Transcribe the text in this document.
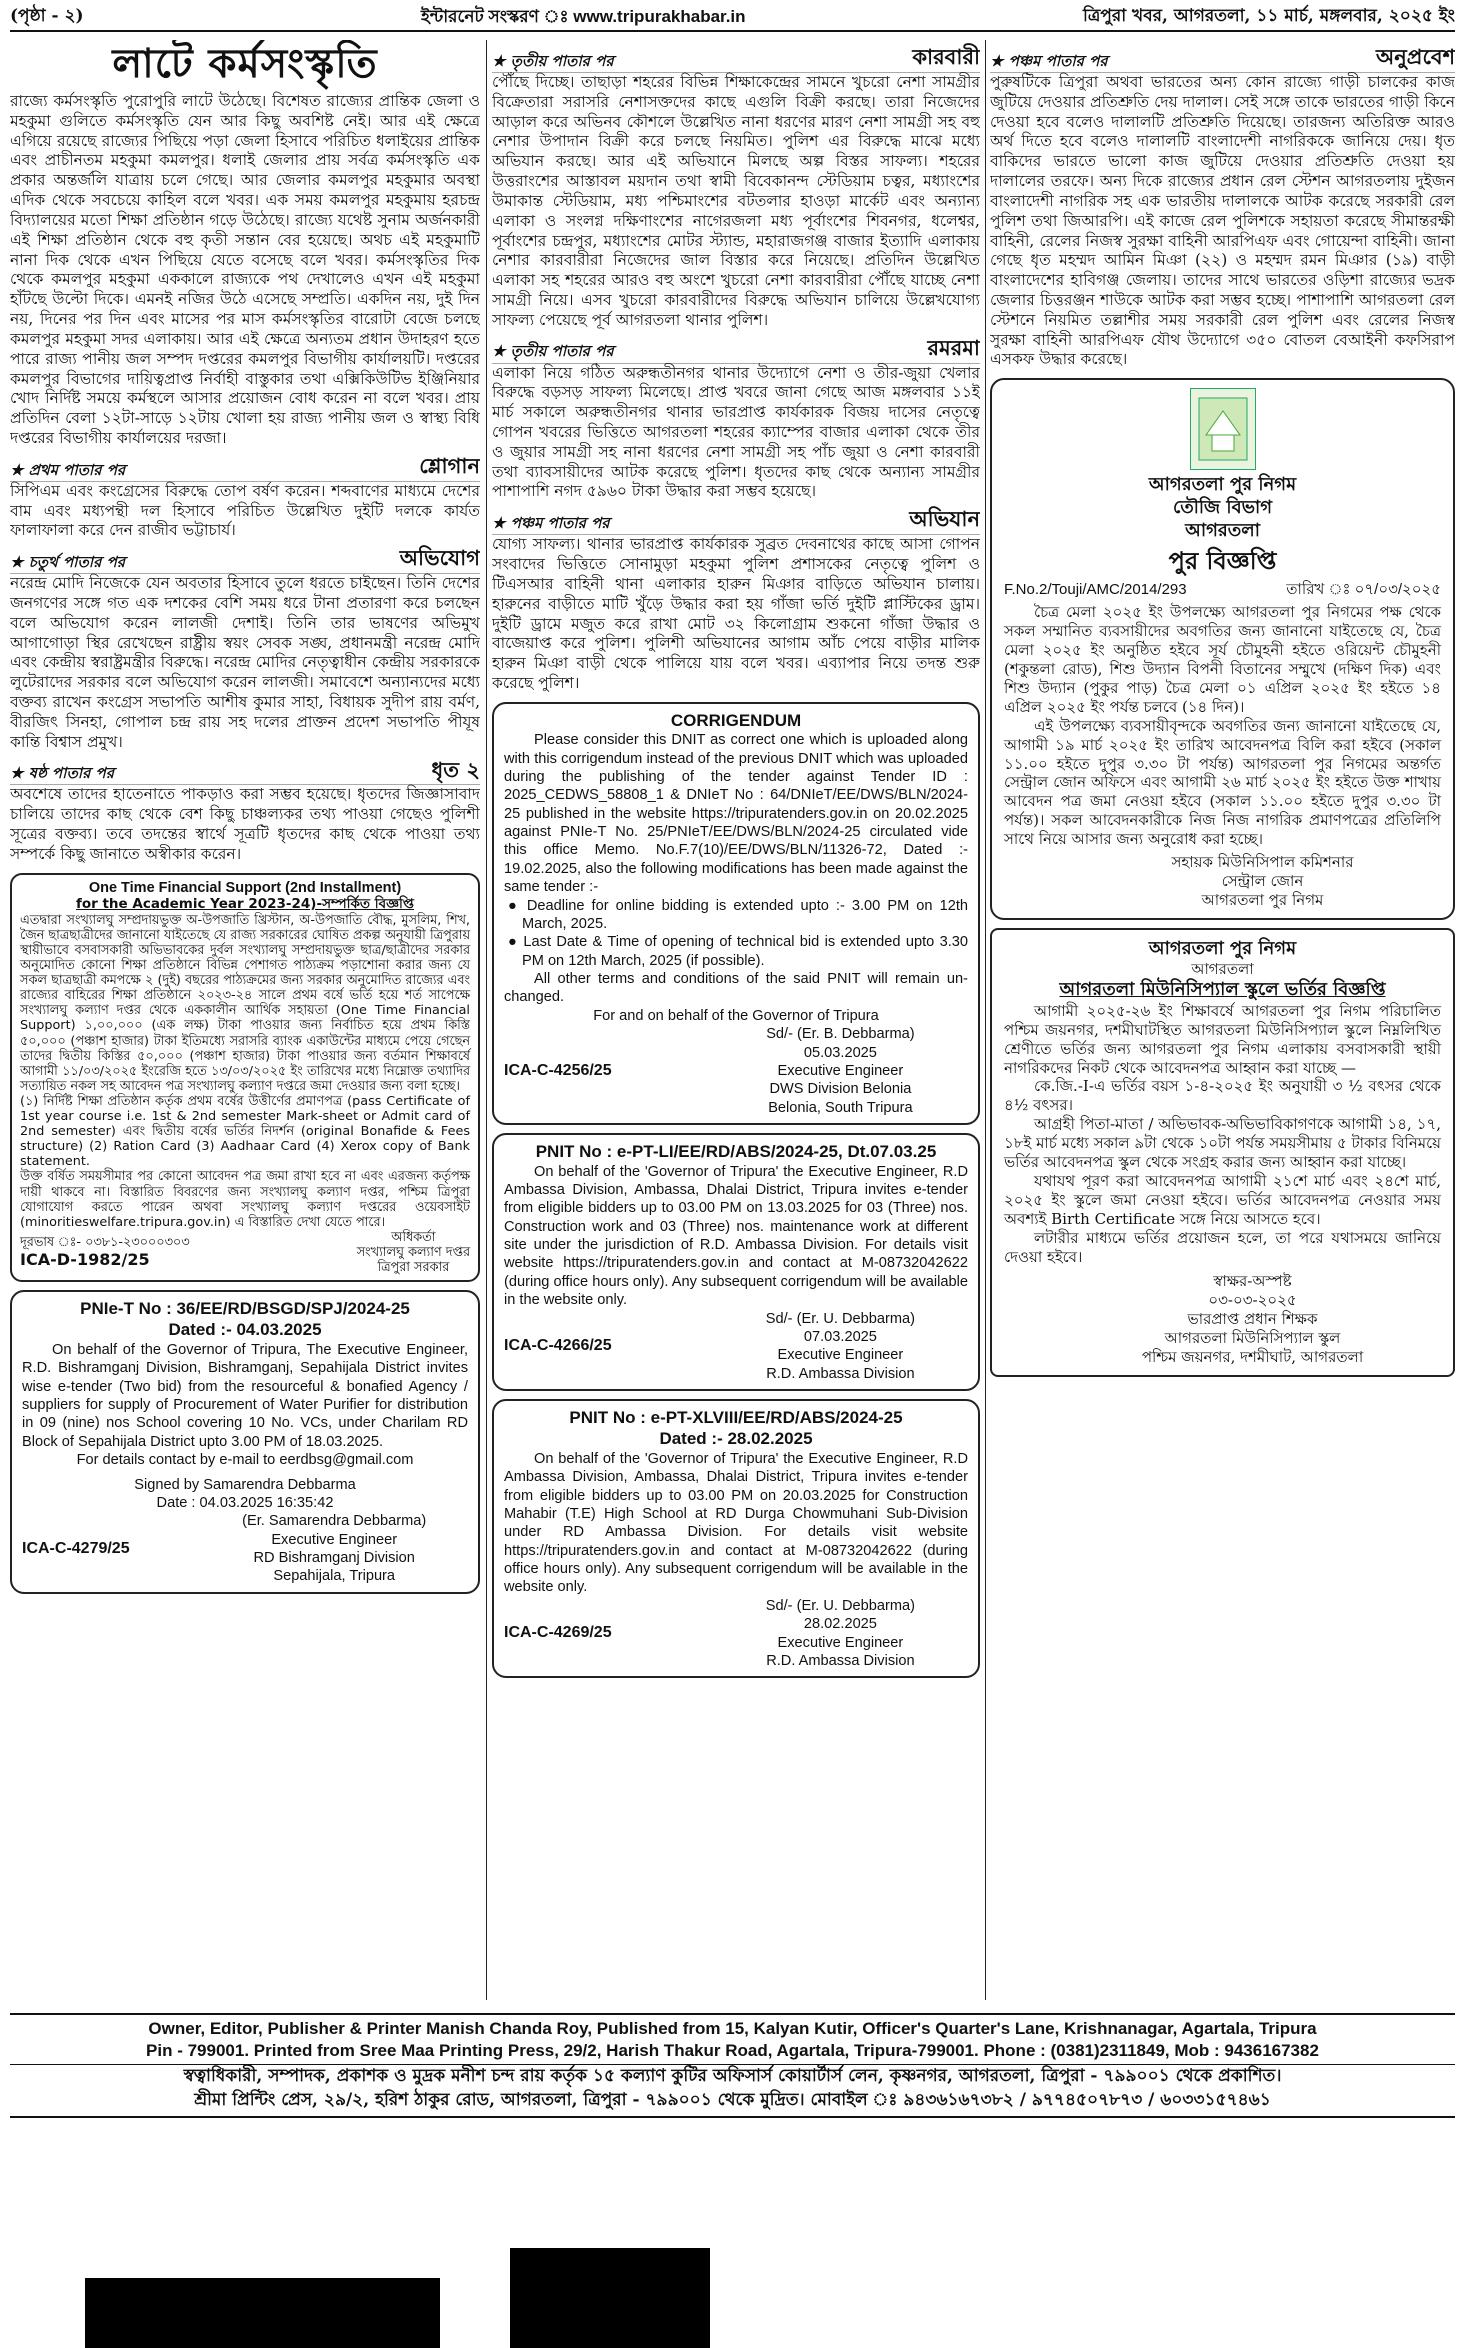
(পৃষ্ঠা - ২)	ইন্টারনেট সংস্করণ ঃ www.tripurakhabar.in	ত্রিপুরা খবর, আগরতলা, ১১ মার্চ, মঙ্গলবার, ২০২৫ ইং
লাটে কর্মসংস্কৃতি

রাজ্যে কর্মসংস্কৃতি পুরোপুরি লাটে উঠেছে। বিশেষত রাজ্যের প্রান্তিক জেলা ও মহকুমা গুলিতে কর্মসংস্কৃতি যেন আর কিছু অবশিষ্ট নেই। আর এই ক্ষেত্রে এগিয়ে রয়েছে রাজ্যের পিছিয়ে পড়া জেলা হিসাবে পরিচিত ধলাইয়ের প্রান্তিক এবং প্রাচীনতম মহকুমা কমলপুর। ধলাই জেলার প্রায় সর্বত্র কর্মসংস্কৃতি এক প্রকার অন্তর্জলি যাত্রায় চলে গেছে। আর জেলার কমলপুর মহকুমার অবস্থা এদিক থেকে সবচেয়ে কাহিল বলে খবর। এক সময় কমলপুর মহকুমায় হরচন্দ্র বিদ্যালয়ের মতো শিক্ষা প্রতিষ্ঠান গড়ে উঠেছে। রাজ্যে যথেষ্ট সুনাম অর্জনকারী এই শিক্ষা প্রতিষ্ঠান থেকে বহু কৃতী সন্তান বের হয়েছে। অথচ এই মহকুমাটি নানা দিক থেকে এখন পিছিয়ে যেতে বসেছে বলে খবর। কর্মসংস্কৃতির দিক থেকে কমলপুর মহকুমা এককালে রাজ্যকে পথ দেখালেও এখন এই মহকুমা হাঁটছে উল্টো দিকে। এমনই নজির উঠে এসেছে সম্প্রতি। একদিন নয়, দুই দিন নয়, দিনের পর দিন এবং মাসের পর মাস কর্মসংস্কৃতির বারোটা বেজে চলছে কমলপুর মহকুমা সদর এলাকায়। আর এই ক্ষেত্রে অন্যতম প্রধান উদাহরণ হতে পারে রাজ্য পানীয় জল সম্পদ দপ্তরের কমলপুর বিভাগীয় কার্যালয়টি। দপ্তরের কমলপুর বিভাগের দায়িত্বপ্রাপ্ত নির্বাহী বাস্তুকার তথা এক্সিকিউটিভ ইঞ্জিনিয়ার খোদ নির্দিষ্ট সময়ে কর্মস্থলে আসার প্রয়োজন বোধ করেন না বলে খবর। প্রায় প্রতিদিন বেলা ১২টা-সাড়ে ১২টায় খোলা হয় রাজ্য পানীয় জল ও স্বাস্থ্য বিধি দপ্তরের বিভাগীয় কার্যালয়ের দরজা।

★ প্রথম পাতার পর	শ্লোগান

সিপিএম এবং কংগ্রেসের বিরুদ্ধে তোপ বর্ষণ করেন। শব্দবাণের মাধ্যমে দেশের বাম এবং মধ্যপন্থী দল হিসাবে পরিচিত উল্লেখিত দুইটি দলকে কার্যত ফালাফালা করে দেন রাজীব ভট্টাচার্য।

★ চতুর্থ পাতার পর	অভিযোগ

নরেন্দ্র মোদি নিজেকে যেন অবতার হিসাবে তুলে ধরতে চাইছেন। তিনি দেশের জনগণের সঙ্গে গত এক দশকের বেশি সময় ধরে টানা প্রতারণা করে চলছেন বলে অভিযোগ করেন লালজী দেশাই। তিনি তার ভাষণের অভিমুখ আগাগোড়া স্থির রেখেছেন রাষ্ট্রীয় স্বয়ং সেবক সঙ্ঘ, প্রধানমন্ত্রী নরেন্দ্র মোদি এবং কেন্দ্রীয় স্বরাষ্ট্রমন্ত্রীর বিরুদ্ধে। নরেন্দ্র মোদির নেতৃত্বাধীন কেন্দ্রীয় সরকারকে লুটেরাদের সরকার বলে অভিযোগ করেন লালজী। সমাবেশে অন্যান্যদের মধ্যে বক্তব্য রাখেন কংগ্রেস সভাপতি আশীষ কুমার সাহা, বিধায়ক সুদীপ রায় বর্মণ, বীরজিৎ সিনহা, গোপাল চন্দ্র রায় সহ দলের প্রাক্তন প্রদেশ সভাপতি পীযূষ কান্তি বিশ্বাস প্রমুখ।

★ ষষ্ঠ পাতার পর	ধৃত ২

অবশেষে তাদের হাতেনাতে পাকড়াও করা সম্ভব হয়েছে। ধৃতদের জিজ্ঞাসাবাদ চালিয়ে তাদের কাছ থেকে বেশ কিছু চাঞ্চল্যকর তথ্য পাওয়া গেছেও পুলিশী সূত্রের বক্তব্য। তবে তদন্তের স্বার্থে সূত্রটি ধৃতদের কাছ থেকে পাওয়া তথ্য সম্পর্কে কিছু জানাতে অস্বীকার করেন।

One Time Financial Support (2nd Installment)
for the Academic Year 2023-24)-সম্পর্কিত বিজ্ঞপ্তি

এতদ্বারা সংখ্যালঘু সম্প্রদায়ভুক্ত অ-উপজাতি খ্রিস্টান, অ-উপজাতি বৌদ্ধ, মুসলিম, শিখ, জৈন ছাত্রছাত্রীদের জানানো যাইতেছে যে রাজ্য সরকারের ঘোষিত প্রকল্প অনুযায়ী ত্রিপুরায় স্থায়ীভাবে বসবাসকারী অভিভাবকের দুর্বল সংখ্যালঘু সম্প্রদায়ভুক্ত ছাত্র/ছাত্রীদের সরকার অনুমোদিত কোনো শিক্ষা প্রতিষ্ঠানে বিভিন্ন পেশাগত পাঠ্যক্রম পড়াশোনা করার জন্য যে সকল ছাত্রছাত্রী কমপক্ষে ২ (দুই) বছরের পাঠ্যক্রমের জন্য সরকার অনুমোদিত রাজ্যের এবং রাজ্যের বাহিরের শিক্ষা প্রতিষ্ঠানে ২০২৩-২৪ সালে প্রথম বর্ষে ভর্তি হয়ে শর্ত সাপেক্ষে সংখ্যালঘু কল্যাণ দপ্তর থেকে এককালীন আর্থিক সহায়তা (One Time Financial Support) ১,০০,০০০ (এক লক্ষ) টাকা পাওয়ার জন্য নির্বাচিত হয়ে প্রথম কিস্তি ৫০,০০০ (পঞ্চাশ হাজার) টাকা ইতিমধ্যে সরাসরি ব্যাংক একাউন্টের মাধ্যমে পেয়ে গেছেন তাদের দ্বিতীয় কিস্তির ৫০,০০০ (পঞ্চাশ হাজার) টাকা পাওয়ার জন্য বর্তমান শিক্ষাবর্ষে আগামী ১১/০৩/২০২৫ ইংরেজি হতে ১৩/০৩/২০২৫ ইং তারিখের মধ্যে নিম্নোক্ত তথ্যাদির সত্যায়িত নকল সহ আবেদন পত্র সংখ্যালঘু কল্যাণ দপ্তরে জমা দেওয়ার জন্য বলা হচ্ছে।

(১) নির্দিষ্ট শিক্ষা প্রতিষ্ঠান কর্তৃক প্রথম বর্ষের উত্তীর্ণের প্রমাণপত্র (pass Certificate of 1st year course i.e. 1st & 2nd semester Mark-sheet or Admit card of 2nd semester) এবং দ্বিতীয় বর্ষের ভর্তির নিদর্শন (original Bonafide & Fees structure) (2) Ration Card (3) Aadhaar Card (4) Xerox copy of Bank statement.

উক্ত বর্ষিত সময়সীমার পর কোনো আবেদন পত্র জমা রাখা হবে না এবং এরজন্য কর্তৃপক্ষ দায়ী থাকবে না। বিস্তারিত বিবরণের জন্য সংখ্যালঘু কল্যাণ দপ্তর, পশ্চিম ত্রিপুরা যোগাযোগ করতে পারেন অথবা সংখ্যালঘু কল্যাণ দপ্তরের ওয়েবসাইট (minoritieswelfare.tripura.gov.in) এ বিস্তারিত দেখা যেতে পারে।

দূরভাষ ঃ- ০৩৮১-২৩০০০৩০৩
ICA-D-1982/25
অধিকর্তা
সংখ্যালঘু কল্যাণ দপ্তর
ত্রিপুরা সরকার
PNIe-T No : 36/EE/RD/BSGD/SPJ/2024-25
Dated :- 04.03.2025

On behalf of the Governor of Tripura, The Executive Engineer, R.D. Bishramganj Division, Bishramganj, Sepahijala District invites wise e-tender (Two bid) from the resourceful & bonafied Agency / suppliers for supply of Procurement of Water Purifier for distribution in 09 (nine) nos School covering 10 No. VCs, under Charilam RD Block of Sepahijala District upto 3.00 PM of 18.03.2025.

For details contact by e-mail to eerdbsg@gmail.com

Signed by Samarendra Debbarma
Date : 04.03.2025 16:35:42
ICA-C-4279/25
(Er. Samarendra Debbarma)
Executive Engineer
RD Bishramganj Division
Sepahijala, Tripura
★ তৃতীয় পাতার পর	কারবারী

পৌঁছে দিচ্ছে। তাছাড়া শহরের বিভিন্ন শিক্ষাকেন্দ্রের সামনে খুচরো নেশা সামগ্রীর বিক্রেতারা সরাসরি নেশাসক্তদের কাছে এগুলি বিক্রী করছে। তারা নিজেদের আড়াল করে অভিনব কৌশলে উল্লেখিত নানা ধরণের মারণ নেশা সামগ্রী সহ বহু নেশার উপাদান বিক্রী করে চলছে নিয়মিত। পুলিশ এর বিরুদ্ধে মাঝে মধ্যে অভিযান করছে। আর এই অভিযানে মিলছে অল্প বিস্তর সাফল্য। শহরের উত্তরাংশের আস্তাবল ময়দান তথা স্বামী বিবেকানন্দ স্টেডিয়াম চত্বর, মধ্যাংশের উমাকান্ত স্টেডিয়াম, মধ্য পশ্চিমাংশের বটতলার হাওড়া মার্কেট এবং অন্যান্য এলাকা ও সংলগ্ন দক্ষিণাংশের নাগেরজলা মধ্য পূর্বাংশের শিবনগর, ধলেশ্বর, পূর্বাংশের চন্দ্রপুর, মধ্যাংশের মোটর স্ট্যান্ড, মহারাজগঞ্জ বাজার ইত্যাদি এলাকায় নেশার কারবারীরা নিজেদের জাল বিস্তার করে নিয়েছে। প্রতিদিন উল্লেখিত এলাকা সহ শহরের আরও বহু অংশে খুচরো নেশা কারবারীরা পৌঁছে যাচ্ছে নেশা সামগ্রী নিয়ে। এসব খুচরো কারবারীদের বিরুদ্ধে অভিযান চালিয়ে উল্লেখযোগ্য সাফল্য পেয়েছে পূর্ব আগরতলা থানার পুলিশ।

★ তৃতীয় পাতার পর	রমরমা

এলাকা নিয়ে গঠিত অরুন্ধতীনগর থানার উদ্যোগে নেশা ও তীর-জুয়া খেলার বিরুদ্ধে বড়সড় সাফল্য মিলেছে। প্রাপ্ত খবরে জানা গেছে আজ মঙ্গলবার ১১ই মার্চ সকালে অরুন্ধতীনগর থানার ভারপ্রাপ্ত কার্যকারক বিজয় দাসের নেতৃত্বে গোপন খবরের ভিত্তিতে আগরতলা শহরের ক্যাম্পের বাজার এলাকা থেকে তীর ও জুয়ার সামগ্রী সহ নানা ধরণের নেশা সামগ্রী সহ পাঁচ জুয়া ও নেশা কারবারী তথা ব্যাবসায়ীদের আটক করেছে পুলিশ। ধৃতদের কাছ থেকে অন্যান্য সামগ্রীর পাশাপাশি নগদ ৫৯৬০ টাকা উদ্ধার করা সম্ভব হয়েছে।

★ পঞ্চম পাতার পর	অভিযান

যোগ্য সাফল্য। থানার ভারপ্রাপ্ত কার্যকারক সুব্রত দেবনাথের কাছে আসা গোপন সংবাদের ভিত্তিতে সোনামুড়া মহকুমা পুলিশ প্রশাসকের নেতৃত্বে পুলিশ ও টিএসআর বাহিনী থানা এলাকার হারুন মিঞার বাড়িতে অভিযান চালায়। হারুনের বাড়ীতে মাটি খুঁড়ে উদ্ধার করা হয় গাঁজা ভর্তি দুইটি প্লাস্টিকের ড্রাম। দুইটি ড্রামে মজুত করে রাখা মোট ৩২ কিলোগ্রাম শুকনো গাঁজা উদ্ধার ও বাজেয়াপ্ত করে পুলিশ। পুলিশী অভিযানের আগাম আঁচ পেয়ে বাড়ীর মালিক হারুন মিঞা বাড়ী থেকে পালিয়ে যায় বলে খবর। এব্যাপার নিয়ে তদন্ত শুরু করেছে পুলিশ।

CORRIGENDUM

Please consider this DNIT as correct one which is uploaded along with this corrigendum instead of the previous DNIT which was uploaded during the publishing of the tender against Tender ID : 2025_CEDWS_58808_1 & DNIeT No : 64/DNIeT/EE/DWS/BLN/2024-25 published in the website https://tripuratenders.gov.in on 20.02.2025 against PNIe-T No. 25/PNIeT/EE/DWS/BLN/2024-25 circulated vide this office Memo. No.F.7(10)/EE/DWS/BLN/11326-72, Dated :- 19.02.2025, also the following modifications has been made against the same tender :-

● Deadline for online bidding is extended upto :- 3.00 PM on 12th March, 2025.

● Last Date & Time of opening of technical bid is extended upto 3.30 PM on 12th March, 2025 (if possible).

All other terms and conditions of the said PNIT will remain un-changed.

For and on behalf of the Governor of Tripura

ICA-C-4256/25
Sd/- (Er. B. Debbarma)
05.03.2025
Executive Engineer
DWS Division Belonia
Belonia, South Tripura
PNIT No : e-PT-LI/EE/RD/ABS/2024-25, Dt.07.03.25

On behalf of the 'Governor of Tripura' the Executive Engineer, R.D Ambassa Division, Ambassa, Dhalai District, Tripura invites e-tender from eligible bidders up to 03.00 PM on 13.03.2025 for 03 (Three) nos. Construction work and 03 (Three) nos. maintenance work at different site under the jurisdiction of R.D. Ambassa Division. For details visit website https://tripuratenders.gov.in and contact at M-08732042622 (during office hours only). Any subsequent corrigendum will be available in the website only.

ICA-C-4266/25
Sd/- (Er. U. Debbarma)
07.03.2025
Executive Engineer
R.D. Ambassa Division
PNIT No : e-PT-XLVIII/EE/RD/ABS/2024-25
Dated :- 28.02.2025

On behalf of the 'Governor of Tripura' the Executive Engineer, R.D Ambassa Division, Ambassa, Dhalai District, Tripura invites e-tender from eligible bidders up to 03.00 PM on 20.03.2025 for Construction Mahabir (T.E) High School at RD Durga Chowmuhani Sub-Division under RD Ambassa Division. For details visit website https://tripuratenders.gov.in and contact at M-08732042622 (during office hours only). Any subsequent corrigendum will be available in the website only.

ICA-C-4269/25
Sd/- (Er. U. Debbarma)
28.02.2025
Executive Engineer
R.D. Ambassa Division
★ পঞ্চম পাতার পর	অনুপ্রবেশ

পুরুষটিকে ত্রিপুরা অথবা ভারতের অন্য কোন রাজ্যে গাড়ী চালকের কাজ জুটিয়ে দেওয়ার প্রতিশ্রুতি দেয় দালাল। সেই সঙ্গে তাকে ভারতের গাড়ী কিনে দেওয়া হবে বলেও দালালটি প্রতিশ্রুতি দিয়েছে। তারজন্য অতিরিক্ত আরও অর্থ দিতে হবে বলেও দালালটি বাংলাদেশী নাগরিককে জানিয়ে দেয়। ধৃত বাকিদের ভারতে ভালো কাজ জুটিয়ে দেওয়ার প্রতিশ্রুতি দেওয়া হয় দালালের তরফে। অন্য দিকে রাজ্যের প্রধান রেল স্টেশন আগরতলায় দুইজন বাংলাদেশী নাগরিক সহ এক ভারতীয় দালালকে আটক করেছে সরকারী রেল পুলিশ তথা জিআরপি। এই কাজে রেল পুলিশকে সহায়তা করেছে সীমান্তরক্ষী বাহিনী, রেলের নিজস্ব সুরক্ষা বাহিনী আরপিএফ এবং গোয়েন্দা বাহিনী। জানা গেছে ধৃত মহম্মদ আমিন মিঞা (২২) ও মহম্মদ রমন মিঞার (১৯) বাড়ী বাংলাদেশের হাবিগঞ্জ জেলায়। তাদের সাথে ভারতের ওড়িশা রাজ্যের ভদ্রক জেলার চিত্তরঞ্জন শাউকে আটক করা সম্ভব হচ্ছে। পাশাপাশি আগরতলা রেল স্টেশনে নিয়মিত তল্লাশীর সময় সরকারী রেল পুলিশ এবং রেলের নিজস্ব সুরক্ষা বাহিনী আরপিএফ যৌথ উদ্যোগে ৩৫০ বোতল বেআইনী কফসিরাপ এসকফ উদ্ধার করেছে।

আগরতলা পুর নিগম
তৌজি বিভাগ
আগরতলা
পুর বিজ্ঞপ্তি
F.No.2/Touji/AMC/2014/293	তারিখ ঃ ০৭/০৩/২০২৫

চৈত্র মেলা ২০২৫ ইং উপলক্ষ্যে আগরতলা পুর নিগমের পক্ষ থেকে সকল সম্মানিত ব্যবসায়ীদের অবগতির জন্য জানানো যাইতেছে যে, চৈত্র মেলা ২০২৫ ইং অনুষ্ঠিত হইবে সূর্য চৌমুহনী হইতে ওরিয়েন্ট চৌমুহনী (শকুন্তলা রোড), শিশু উদ্যান বিপনী বিতানের সম্মুখে (দক্ষিণ দিক) এবং শিশু উদ্যান (পুকুর পাড়) চৈত্র মেলা ০১ এপ্রিল ২০২৫ ইং হইতে ১৪ এপ্রিল ২০২৫ ইং পর্যন্ত চলবে (১৪ দিন)।

এই উপলক্ষ্যে ব্যবসায়ীবৃন্দকে অবগতির জন্য জানানো যাইতেছে যে, আগামী ১৯ মার্চ ২০২৫ ইং তারিখ আবেদনপত্র বিলি করা হইবে (সকাল ১১.০০ হইতে দুপুর ৩.৩০ টা পর্যন্ত) আগরতলা পুর নিগমের অন্তর্গত সেন্ট্রাল জোন অফিসে এবং আগামী ২৬ মার্চ ২০২৫ ইং হইতে উক্ত শাখায় আবেদন পত্র জমা নেওয়া হইবে (সকাল ১১.০০ হইতে দুপুর ৩.৩০ টা পর্যন্ত)। সকল আবেদনকারীকে নিজ নিজ নাগরিক প্রমাণপত্রের প্রতিলিপি সাথে নিয়ে আসার জন্য অনুরোধ করা হচ্ছে।

সহায়ক মিউনিসিপাল কমিশনার
সেন্ট্রাল জোন
আগরতলা পুর নিগম
আগরতলা পুর নিগম
আগরতলা
আগরতলা মিউনিসিপ্যাল স্কুলে ভর্তির বিজ্ঞপ্তি

আগামী ২০২৫-২৬ ইং শিক্ষাবর্ষে আগরতলা পুর নিগম পরিচালিত পশ্চিম জয়নগর, দশমীঘাটস্থিত আগরতলা মিউনিসিপ্যাল স্কুলে নিম্নলিখিত শ্রেণীতে ভর্তির জন্য আগরতলা পুর নিগম এলাকায় বসবাসকারী স্থায়ী নাগরিকদের নিকট থেকে আবেদনপত্র আহ্বান করা যাচ্ছে —

কে.জি.-I-এ ভর্তির বয়স ১-৪-২০২৫ ইং অনুযায়ী ৩ ½ বৎসর থেকে ৪½ বৎসর।

আগ্রহী পিতা-মাতা / অভিভাবক-অভিভাবিকাগণকে আগামী ১৪, ১৭, ১৮ই মার্চ মধ্যে সকাল ৯টা থেকে ১০টা পর্যন্ত সময়সীমায় ৫ টাকার বিনিময়ে ভর্তির আবেদনপত্র স্কুল থেকে সংগ্রহ করার জন্য আহ্বান করা যাচ্ছে।

যথাযথ পূরণ করা আবেদনপত্র আগামী ২১শে মার্চ এবং ২৪শে মার্চ, ২০২৫ ইং স্কুলে জমা নেওয়া হইবে। ভর্তির আবেদনপত্র নেওয়ার সময় অবশ্যই Birth Certificate সঙ্গে নিয়ে আসতে হবে।

লটারীর মাধ্যমে ভর্তির প্রয়োজন হলে, তা পরে যথাসময়ে জানিয়ে দেওয়া হইবে।

স্বাক্ষর-অস্পষ্ট
০৩-০৩-২০২৫
ভারপ্রাপ্ত প্রধান শিক্ষক
আগরতলা মিউনিসিপ্যাল স্কুল
পশ্চিম জয়নগর, দশমীঘাট, আগরতলা
Owner, Editor, Publisher & Printer Manish Chanda Roy, Published from 15, Kalyan Kutir, Officer's Quarter's Lane, Krishnanagar, Agartala, Tripura
Pin - 799001. Printed from Sree Maa Printing Press, 29/2, Harish Thakur Road, Agartala, Tripura-799001. Phone : (0381)2311849, Mob : 9436167382
স্বত্বাধিকারী, সম্পাদক, প্রকাশক ও মুদ্রক মনীশ চন্দ রায় কর্তৃক ১৫ কল্যাণ কুটির অফিসার্স কোয়ার্টার্স লেন, কৃষ্ণনগর, আগরতলা, ত্রিপুরা - ৭৯৯০০১ থেকে প্রকাশিত।
শ্রীমা প্রিন্টিং প্রেস, ২৯/২, হরিশ ঠাকুর রোড, আগরতলা, ত্রিপুরা - ৭৯৯০০১ থেকে মুদ্রিত। মোবাইল ঃ ৯৪৩৬১৬৭৩৮২ / ৯৭৭৪৫০৭৮৭৩ / ৬০৩৩১৫৭৪৬১
